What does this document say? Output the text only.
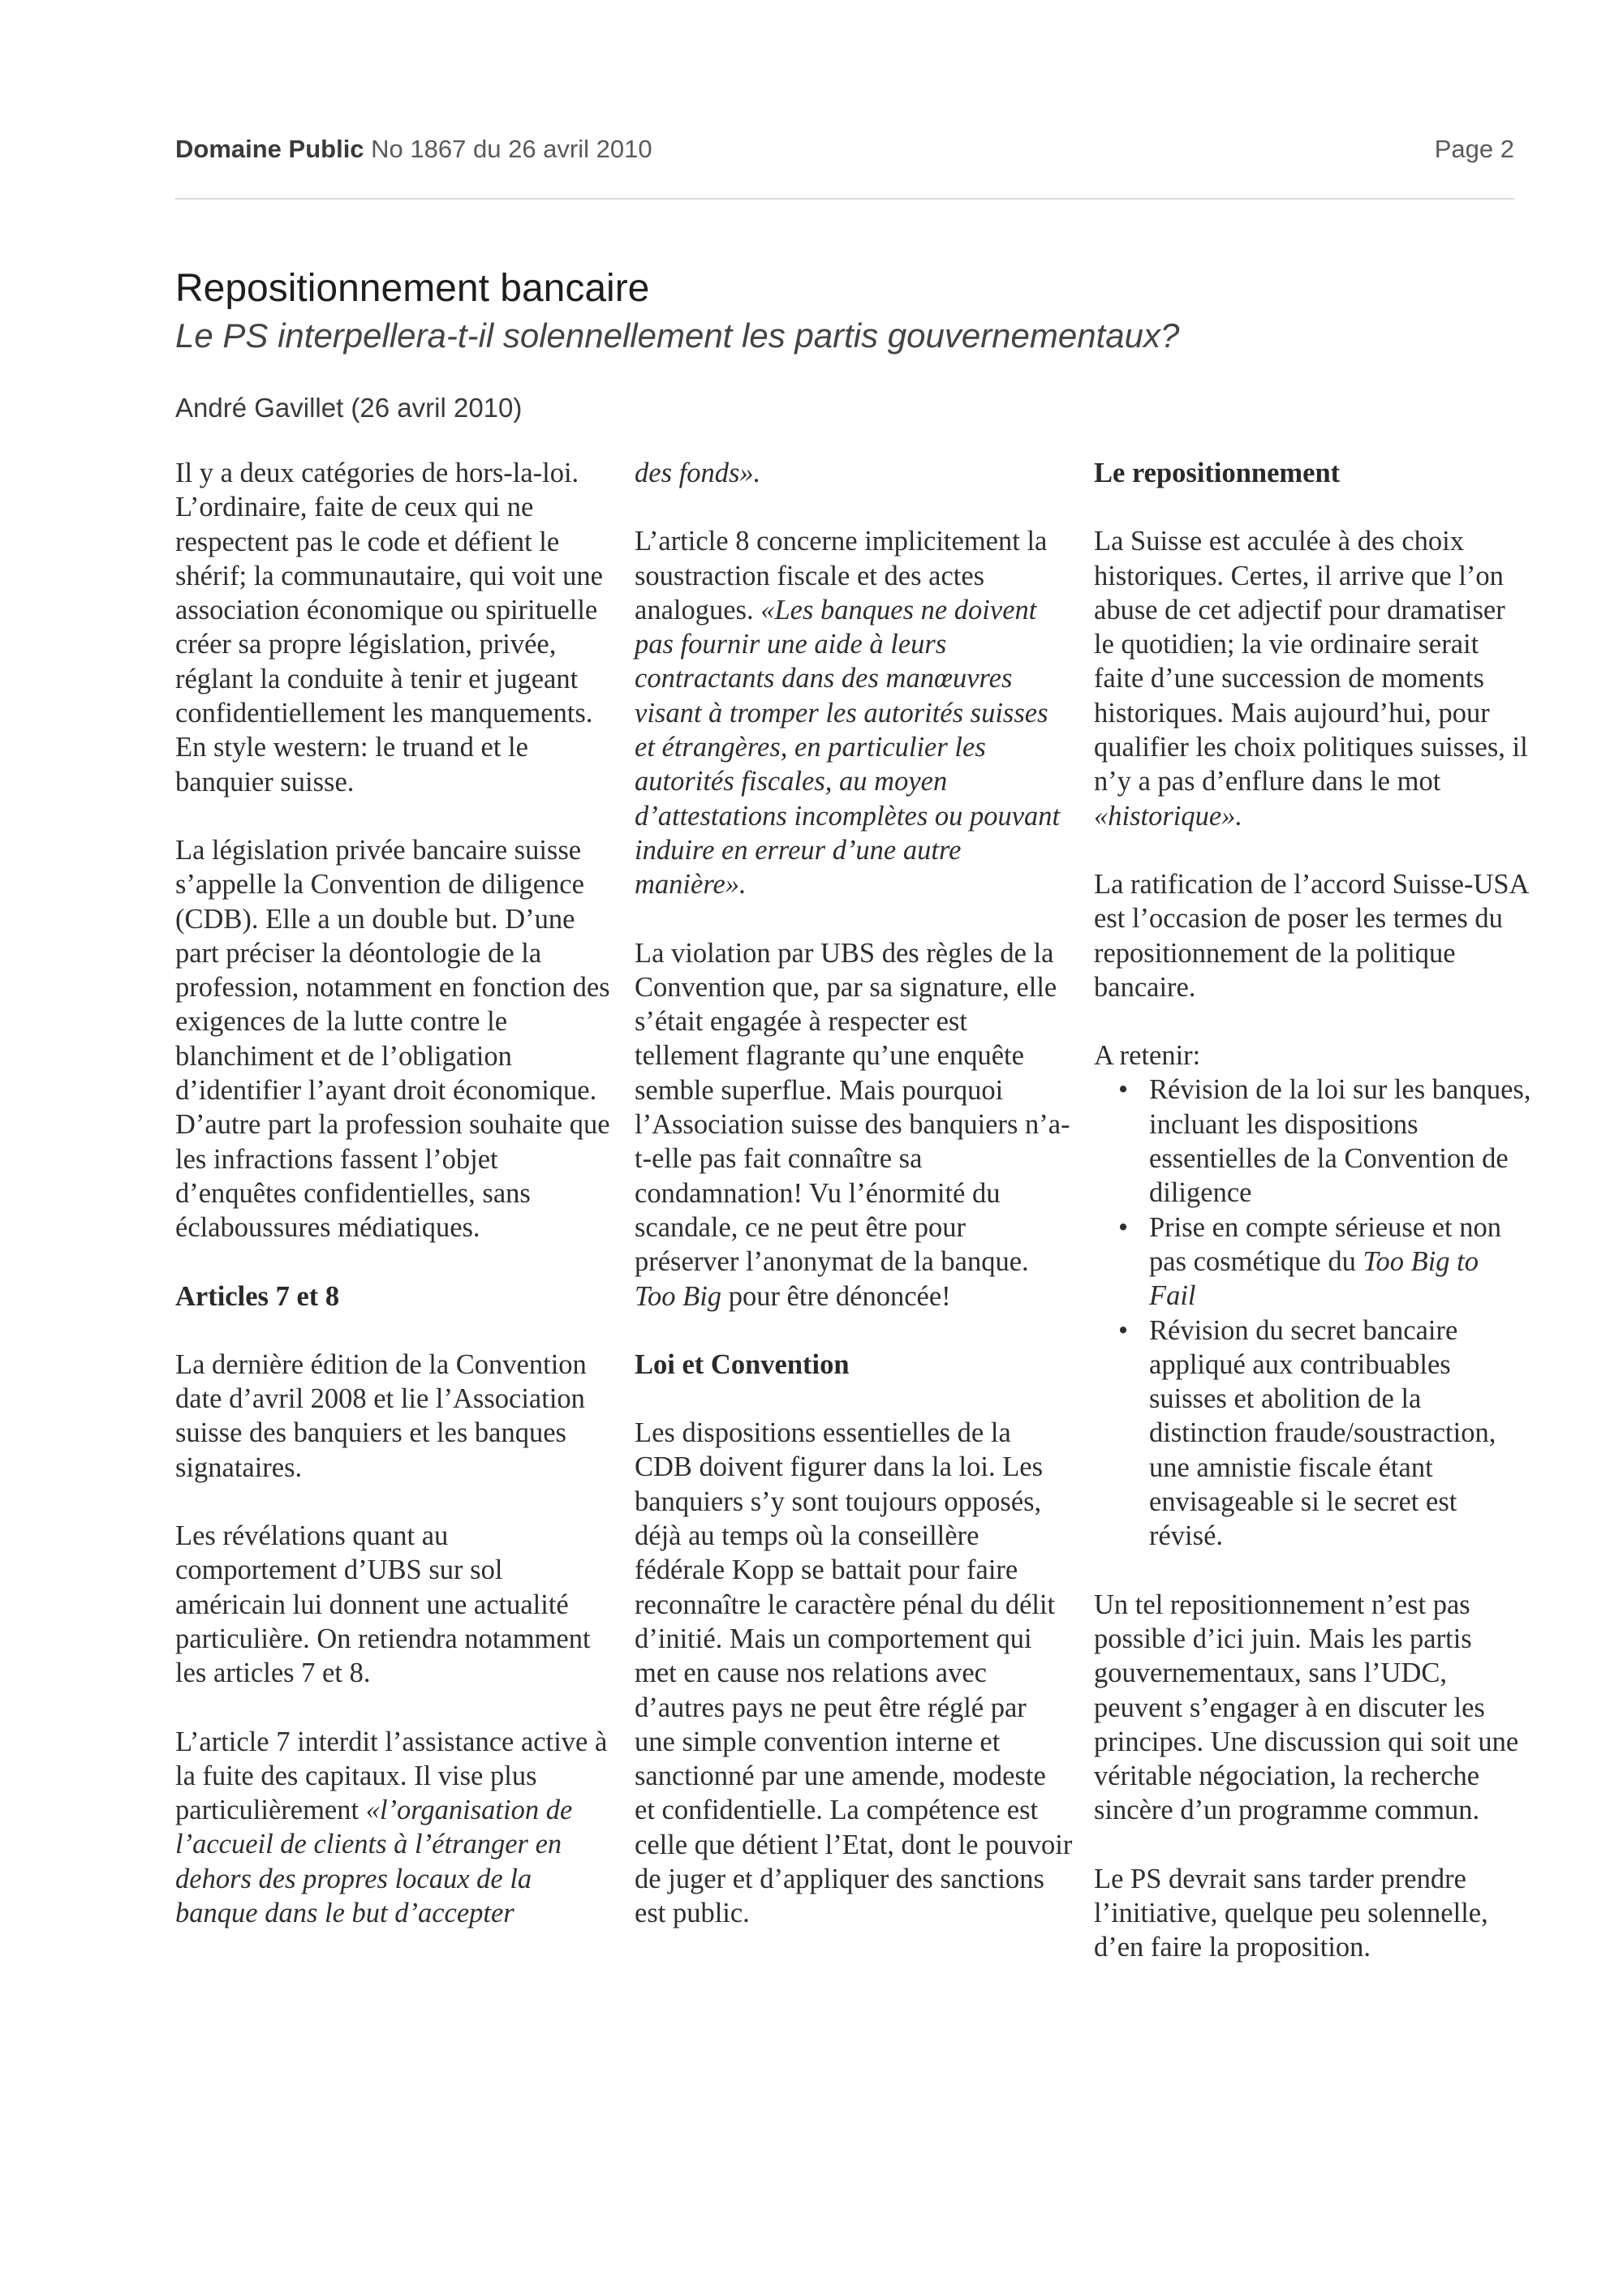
Domaine Public No 1867 du 26 avril 2010	Page 2
Repositionnement bancaire
Le PS interpellera-t-il solennellement les partis gouvernementaux?
André Gavillet (26 avril 2010)

Il y a deux catégories de hors-la-loi. L’ordinaire, faite de ceux qui ne respectent pas le code et défient le shérif; la communautaire, qui voit une association économique ou spirituelle créer sa propre législation, privée, réglant la conduite à tenir et jugeant confidentiellement les manquements. En style western: le truand et le banquier suisse.

La législation privée bancaire suisse s’appelle la Convention de diligence (CDB). Elle a un double but. D’une part préciser la déontologie de la profession, notamment en fonction des exigences de la lutte contre le blanchiment et de l’obligation d’identifier l’ayant droit économique. D’autre part la profession souhaite que les infractions fassent l’objet d’enquêtes confidentielles, sans éclaboussures médiatiques.

Articles 7 et 8

La dernière édition de la Convention date d’avril 2008 et lie l’Association suisse des banquiers et les banques signataires.

Les révélations quant au comportement d’UBS sur sol américain lui donnent une actualité particulière. On retiendra notamment les articles 7 et 8.

L’article 7 interdit l’assistance active à la fuite des capitaux. Il vise plus particulièrement «l’organisation de l’accueil de clients à l’étranger en dehors des propres locaux de la banque dans le but d’accepter

des fonds».

L’article 8 concerne implicitement la soustraction fiscale et des actes analogues. «Les banques ne doivent pas fournir une aide à leurs contractants dans des manœuvres visant à tromper les autorités suisses et étrangères, en particulier les autorités fiscales, au moyen d’attestations incomplètes ou pouvant induire en erreur d’une autre manière».

La violation par UBS des règles de la Convention que, par sa signature, elle s’était engagée à respecter est tellement flagrante qu’une enquête semble superflue. Mais pourquoi l’Association suisse des banquiers n’a-t-elle pas fait connaître sa condamnation! Vu l’énormité du scandale, ce ne peut être pour préserver l’anonymat de la banque. Too Big pour être dénoncée!

Loi et Convention

Les dispositions essentielles de la CDB doivent figurer dans la loi. Les banquiers s’y sont toujours opposés, déjà au temps où la conseillère fédérale Kopp se battait pour faire reconnaître le caractère pénal du délit d’initié. Mais un comportement qui met en cause nos relations avec d’autres pays ne peut être réglé par une simple convention interne et sanctionné par une amende, modeste et confidentielle. La compétence est celle que détient l’Etat, dont le pouvoir de juger et d’appliquer des sanctions est public.

Le repositionnement

La Suisse est acculée à des choix historiques. Certes, il arrive que l’on abuse de cet adjectif pour dramatiser le quotidien; la vie ordinaire serait faite d’une succession de moments historiques. Mais aujourd’hui, pour qualifier les choix politiques suisses, il n’y a pas d’enflure dans le mot «historique».

La ratification de l’accord Suisse-USA est l’occasion de poser les termes du repositionnement de la politique bancaire.

A retenir:

• Révision de la loi sur les banques, incluant les dispositions essentielles de la Convention de diligence
• Prise en compte sérieuse et non pas cosmétique du Too Big to Fail
• Révision du secret bancaire appliqué aux contribuables suisses et abolition de la distinction fraude/soustraction, une amnistie fiscale étant envisageable si le secret est révisé.

Un tel repositionnement n’est pas possible d’ici juin. Mais les partis gouvernementaux, sans l’UDC, peuvent s’engager à en discuter les principes. Une discussion qui soit une véritable négociation, la recherche sincère d’un programme commun.

Le PS devrait sans tarder prendre l’initiative, quelque peu solennelle, d’en faire la proposition.
